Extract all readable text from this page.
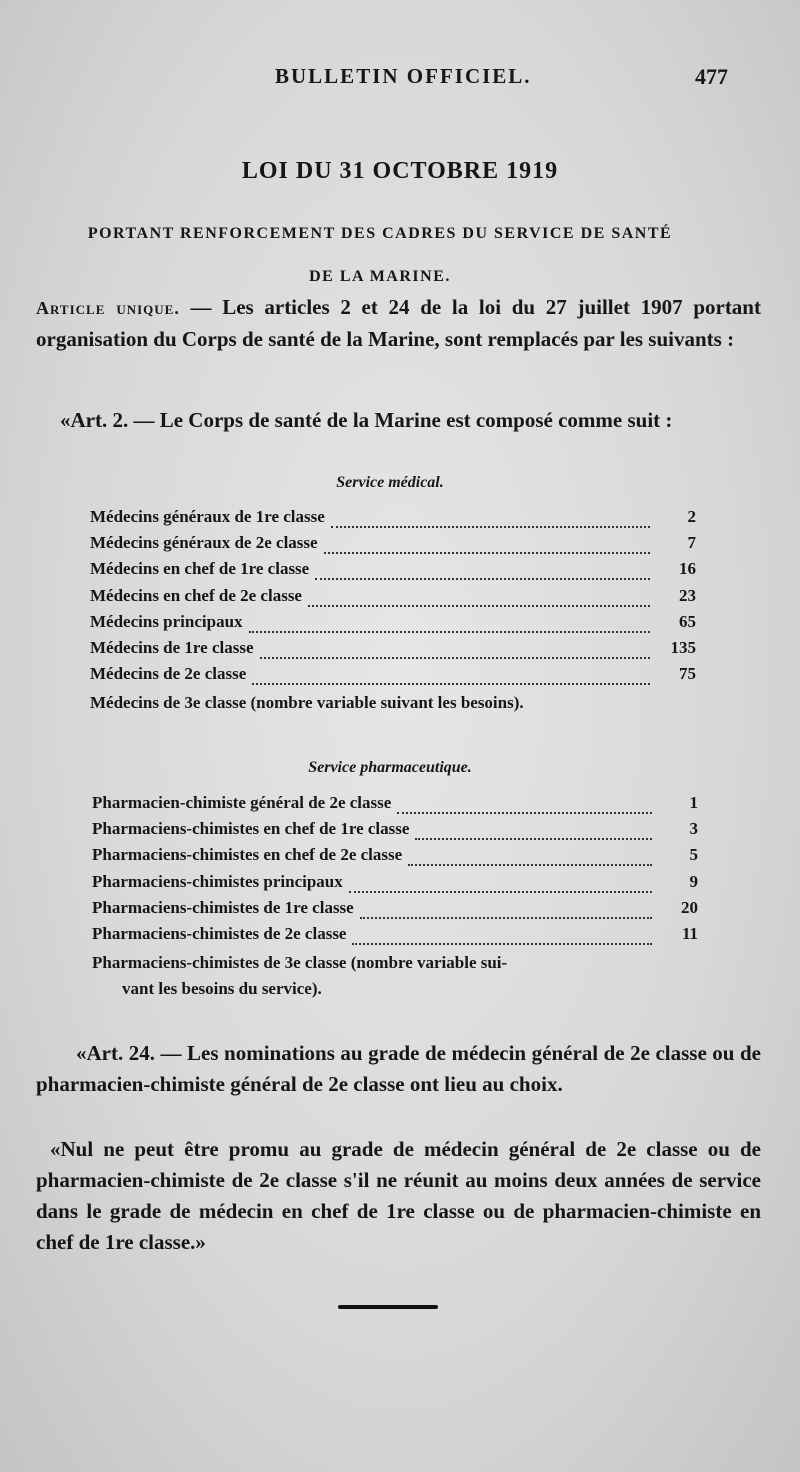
BULLETIN OFFICIEL.	477
LOI DU 31 OCTOBRE 1919
PORTANT RENFORCEMENT DES CADRES DU SERVICE DE SANTÉ
DE LA MARINE.

Article unique. — Les articles 2 et 24 de la loi du 27 juillet 1907 portant organisation du Corps de santé de la Marine, sont remplacés par les suivants :

«Art. 2. — Le Corps de santé de la Marine est composé comme suit :

Service médical.
Médecins généraux de 1re classe	2
Médecins généraux de 2e classe	7
Médecins en chef de 1re classe	16
Médecins en chef de 2e classe	23
Médecins principaux	65
Médecins de 1re classe	135
Médecins de 2e classe	75
Médecins de 3e classe (nombre variable suivant les besoins).
Service pharmaceutique.
Pharmacien-chimiste général de 2e classe	1
Pharmaciens-chimistes en chef de 1re classe	3
Pharmaciens-chimistes en chef de 2e classe	5
Pharmaciens-chimistes principaux	9
Pharmaciens-chimistes de 1re classe	20
Pharmaciens-chimistes de 2e classe	11
Pharmaciens-chimistes de 3e classe (nombre variable sui-
vant les besoins du service).

«Art. 24. — Les nominations au grade de médecin général de 2e classe ou de pharmacien-chimiste général de 2e classe ont lieu au choix.

«Nul ne peut être promu au grade de médecin général de 2e classe ou de pharmacien-chimiste de 2e classe s'il ne réunit au moins deux années de service dans le grade de médecin en chef de 1re classe ou de pharmacien-chimiste en chef de 1re classe.»
